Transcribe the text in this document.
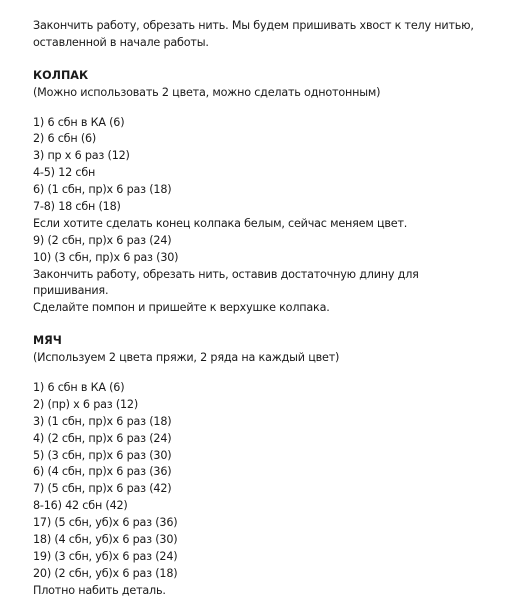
Закончить работу, обрезать нить. Мы будем пришивать хвост к телу нитью,
оставленной в начале работы.
КОЛПАК
(Можно использовать 2 цвета, можно сделать однотонным)
1) 6 сбн в КА (6)
2) 6 сбн (6)
3) пр х 6 раз (12)
4-5) 12 сбн
6) (1 сбн, пр)х 6 раз (18)
7-8) 18 сбн (18)
Если хотите сделать конец колпака белым, сейчас меняем цвет.
9) (2 сбн, пр)х 6 раз (24)
10) (3 сбн, пр)х 6 раз (30)
Закончить работу, обрезать нить, оставив достаточную длину для
пришивания.
Сделайте помпон и пришейте к верхушке колпака.
МЯЧ
(Используем 2 цвета пряжи, 2 ряда на каждый цвет)
1) 6 сбн в КА (6)
2) (пр) х 6 раз (12)
3) (1 сбн, пр)х 6 раз (18)
4) (2 сбн, пр)х 6 раз (24)
5) (3 сбн, пр)х 6 раз (30)
6) (4 сбн, пр)х 6 раз (36)
7) (5 сбн, пр)х 6 раз (42)
8-16) 42 сбн (42)
17) (5 сбн, уб)х 6 раз (36)
18) (4 сбн, уб)х 6 раз (30)
19) (3 сбн, уб)х 6 раз (24)
20) (2 сбн, уб)х 6 раз (18)
Плотно набить деталь.
